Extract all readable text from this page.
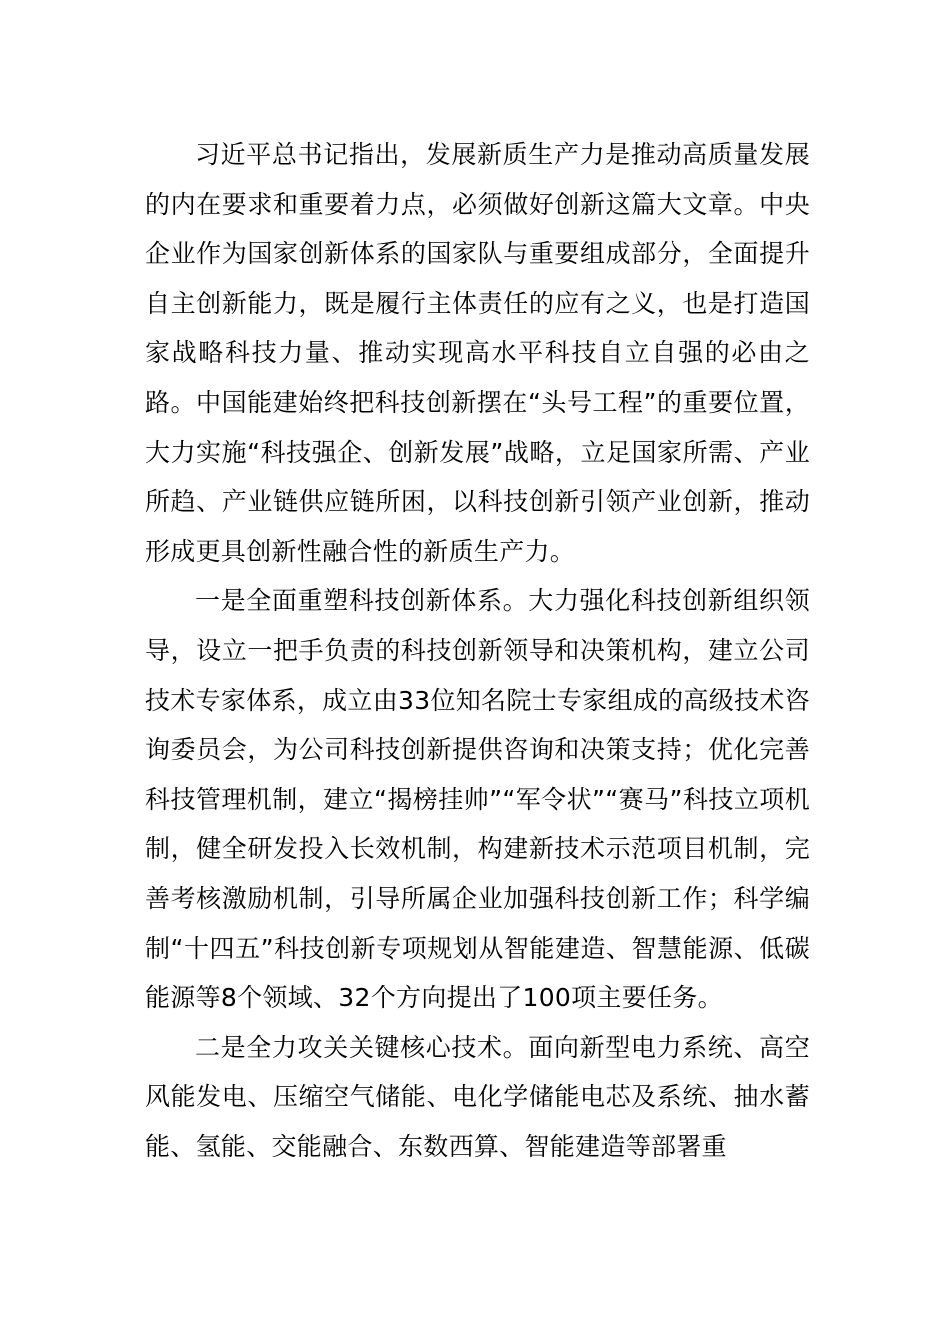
习近平总书记指出，发展新质生产力是推动高质量发展的内在要求和重要着力点，必须做好创新这篇大文章。中央企业作为国家创新体系的国家队与重要组成部分，全面提升自主创新能力，既是履行主体责任的应有之义，也是打造国家战略科技力量、推动实现高水平科技自立自强的必由之路。中国能建始终把科技创新摆在“头号工程”的重要位置，大力实施“科技强企、创新发展”战略，立足国家所需、产业所趋、产业链供应链所困，以科技创新引领产业创新，推动形成更具创新性融合性的新质生产力。

一是全面重塑科技创新体系。大力强化科技创新组织领导，设立一把手负责的科技创新领导和决策机构，建立公司技术专家体系，成立由33位知名院士专家组成的高级技术咨询委员会，为公司科技创新提供咨询和决策支持；优化完善科技管理机制，建立“揭榜挂帅”“军令状”“赛马”科技立项机制，健全研发投入长效机制，构建新技术示范项目机制，完善考核激励机制，引导所属企业加强科技创新工作；科学编制“十四五”科技创新专项规划从智能建造、智慧能源、低碳能源等8个领域、32个方向提出了100项主要任务。

二是全力攻关关键核心技术。面向新型电力系统、高空风能发电、压缩空气储能、电化学储能电芯及系统、抽水蓄能、氢能、交能融合、东数西算、智能建造等部署重
